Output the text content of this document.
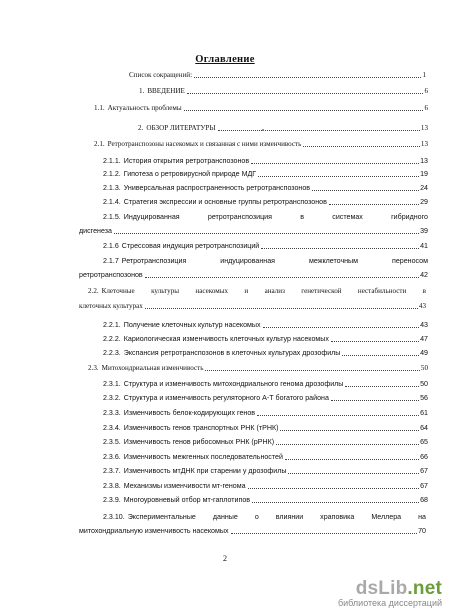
Оглавление
Список сокращений:	1
1. ВВЕДЕНИЕ	6
1.1. Актуальность проблемы	6
2. ОБЗОР ЛИТЕРАТУРЫ	13
2.1. Ретротранспозоны насекомых и связанная с ними изменчивость	13
2.1.1. История открытия ретротранспозонов	13
2.1.2. Гипотеза о ретровирусной природе МДГ	19
2.1.3. Универсальная распространенность ретротранспозонов	24
2.1.4. Стратегия экспрессии и основные группы ретротранспозонов	29
2.1.5. Индуцированная ретротранспозиция в системах гибридного
дисгенеза	39
2.1.6 Стрессовая индукция ретротранспозиций	41
2.1.7 Ретротранспозиция индуцированная межклеточным переносом
ретротранспозонов	42
2.2. Клеточные культуры насекомых и анализ генетической нестабильности в
клеточных культурах	43
2.2.1. Получение клеточных культур насекомых	43
2.2.2. Кариологическая изменчивость клеточных культур насекомых	47
2.2.3. Экспансия ретротранспозонов в клеточных культурах дрозофилы	49
2.3. Митохондриальная изменчивость	50
2.3.1. Структура и изменчивость митохондриального генома дрозофилы	50
2.3.2. Структура и изменчивость регуляторного А-Т богатого района	56
2.3.3. Изменчивость белок-кодирующих генов	61
2.3.4. Изменчивость генов транспортных РНК (тРНК)	64
2.3.5. Изменчивость генов рибосомных РНК (рРНК)	65
2.3.6. Изменчивость межгенных последовательностей	66
2.3.7. Изменчивость мтДНК при старении у дрозофилы	67
2.3.8. Механизмы изменчивости мт-генома	67
2.3.9. Многоуровневый отбор мт-гаплотипов	68
2.3.10. Экспериментальные данные о влиянии храповика Меллера на
митохондриальную изменчивость насекомых	70
2
dsLib.net
библиотека диссертаций
